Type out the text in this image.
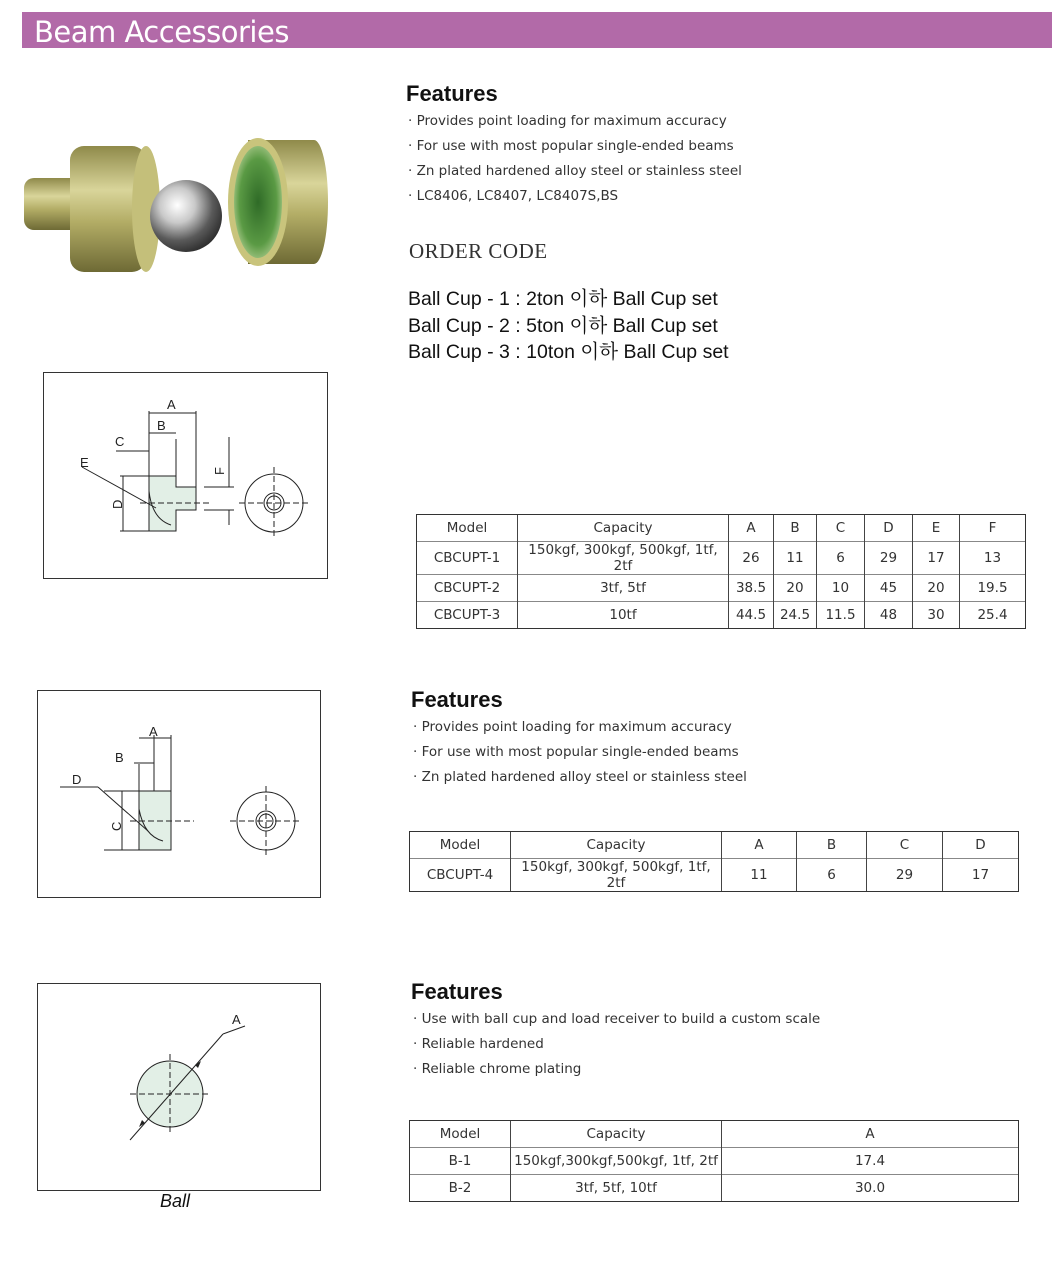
Beam Accessories
Features
· Provides point loading for maximum accuracy
· For use with most popular single-ended beams
· Zn plated hardened alloy steel or stainless steel
· LC8406, LC8407, LC8407S,BS
ORDER CODE
Ball Cup - 1 : 2ton 이하 Ball Cup set
Ball Cup - 2 : 5ton 이하 Ball Cup set
Ball Cup - 3 : 10ton 이하 Ball Cup set
A
B
C
E
D
F
Model	Capacity	A	B	C	D	E	F
CBCUPT-1	150kgf, 300kgf, 500kgf, 1tf, 2tf	26	11	6	29	17	13
CBCUPT-2	3tf, 5tf	38.5	20	10	45	20	19.5
CBCUPT-3	10tf	44.5	24.5	11.5	48	30	25.4
A
B
D
C
Features
· Provides point loading for maximum accuracy
· For use with most popular single-ended beams
· Zn plated hardened alloy steel or stainless steel
Model	Capacity	A	B	C	D
CBCUPT-4	150kgf, 300kgf, 500kgf, 1tf, 2tf	11	6	29	17
A
Ball
Features
· Use with ball cup and load receiver to build a custom scale
· Reliable hardened
· Reliable chrome plating
Model	Capacity	A
B-1	150kgf,300kgf,500kgf, 1tf, 2tf	17.4
B-2	3tf, 5tf, 10tf	30.0
